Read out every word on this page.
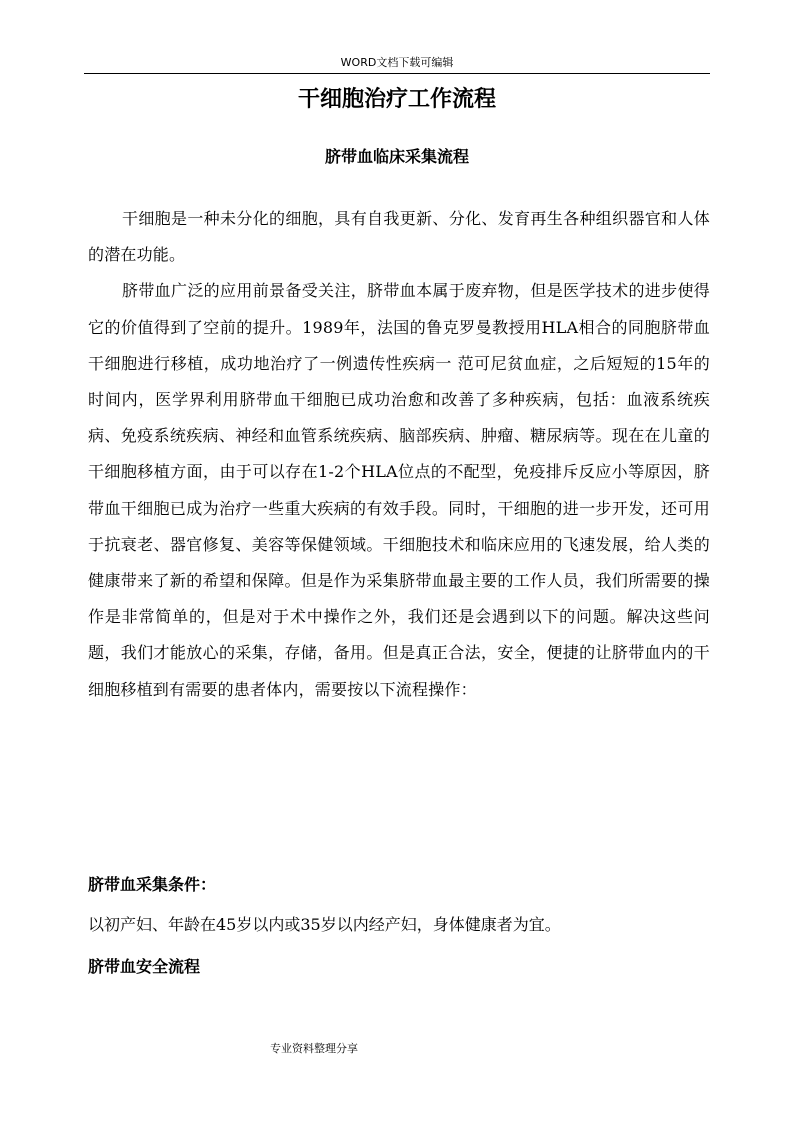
WORD文档下载可编辑
干细胞治疗工作流程
脐带血临床采集流程

干细胞是一种未分化的细胞，具有自我更新、分化、发育再生各种组织器官和人体的潜在功能。

脐带血广泛的应用前景备受关注，脐带血本属于废弃物，但是医学技术的进步使得它的价值得到了空前的提升。1989年，法国的鲁克罗曼教授用HLA相合的同胞脐带血干细胞进行移植，成功地治疗了一例遗传性疾病一 范可尼贫血症，之后短短的15年的时间内，医学界利用脐带血干细胞已成功治愈和改善了多种疾病，包括：血液系统疾病、免疫系统疾病、神经和血管系统疾病、脑部疾病、肿瘤、糖尿病等。现在在儿童的干细胞移植方面，由于可以存在1-2个HLA位点的不配型，免疫排斥反应小等原因，脐带血干细胞已成为治疗一些重大疾病的有效手段。同时，干细胞的进一步开发，还可用于抗衰老、器官修复、美容等保健领域。干细胞技术和临床应用的飞速发展，给人类的健康带来了新的希望和保障。但是作为采集脐带血最主要的工作人员，我们所需要的操作是非常简单的，但是对于术中操作之外，我们还是会遇到以下的问题。解决这些问题，我们才能放心的采集，存储，备用。但是真正合法，安全，便捷的让脐带血内的干细胞移植到有需要的患者体内，需要按以下流程操作：

脐带血采集条件：
以初产妇、年龄在45岁以内或35岁以内经产妇，身体健康者为宜。
脐带血安全流程
专业资料整理分享
